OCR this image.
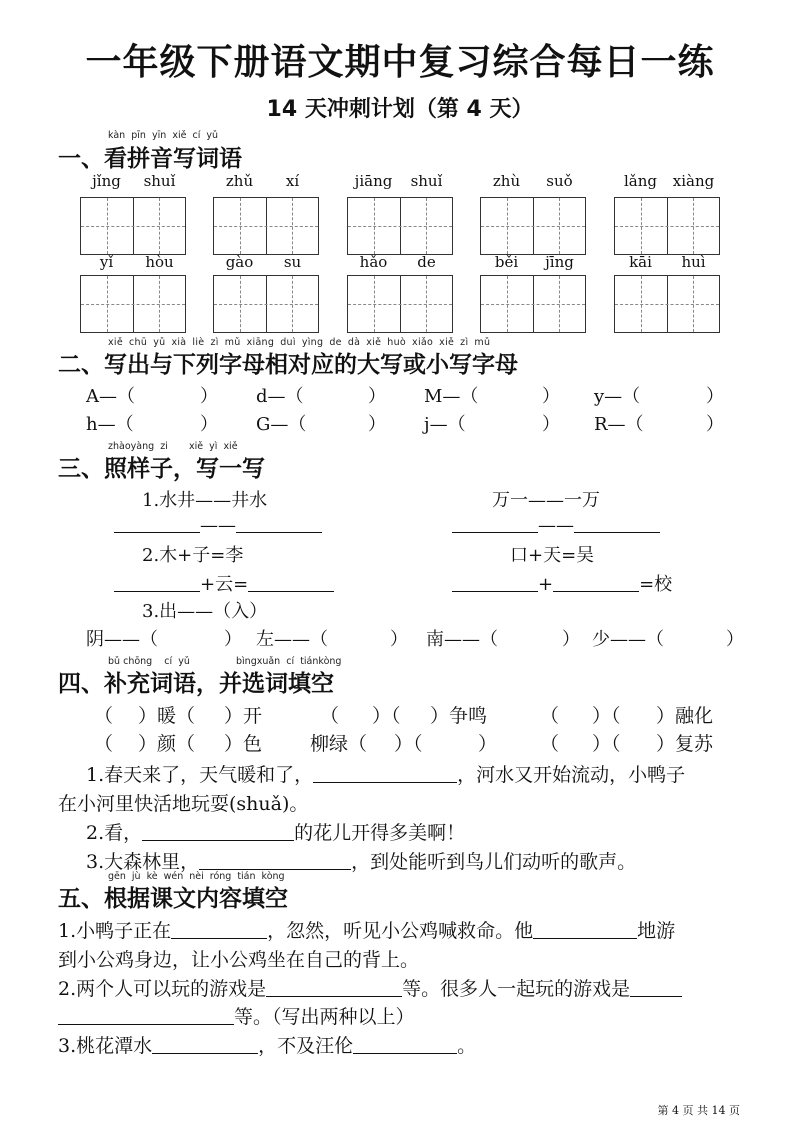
一年级下册语文期中复习综合每日一练
14 天冲刺计划（第 4 天）
kàn pīn yīn xiě cí yǔ
一、看拼音写词语
jǐng	shuǐ	zhǔ	xí	jiāng	shuǐ	zhù	suǒ	lǎng	xiàng
yǐ	hòu	gào	su	hǎo	de	běi	jīng	kāi	huì
xiě chū yǔ xià liè zì mǔ xiāng duì yìng de dà xiě huò xiǎo xiě zì mǔ
二、写出与下列字母相对应的大写或小写字母
A—（	） d—（	） M—（	） y—（	）
h—（	） G—（	） j—（	） R—（	）
zhàoyàng zi xiě yì xiě
三、照样子，写一写
1.水井——井水	万一——一万
——	——
2.木+子=李	口+天=吴
+云=	+	=校
3.出——（入）
阴——（	） 左——（	） 南——（	） 少——（	）
bǔ chōng cí yǔ	bìngxuǎn cí tiánkòng
四、补充词语，并选词填空
（ ）暖（ ）开	（ ）（ ）争鸣	（ ）（ ）融化
（ ）颜（ ）色	柳绿（ ）（	） （ ）（ ）复苏
1.春天来了，天气暖和了，	，河水又开始流动，小鸭子
在小河里快活地玩耍(shuǎ)。
2.看，	的花儿开得多美啊！
3.大森林里，	，到处能听到鸟儿们动听的歌声。
gēn jù kè wén nèi róng tián kòng
五、根据课文内容填空
1.小鸭子正在	，忽然，听见小公鸡喊救命。他	地游
到小公鸡身边，让小公鸡坐在自己的背上。
2.两个人可以玩的游戏是	等。很多人一起玩的游戏是
等。（写出两种以上）
3.桃花潭水	，不及汪伦	。
第 4 页 共 14 页
